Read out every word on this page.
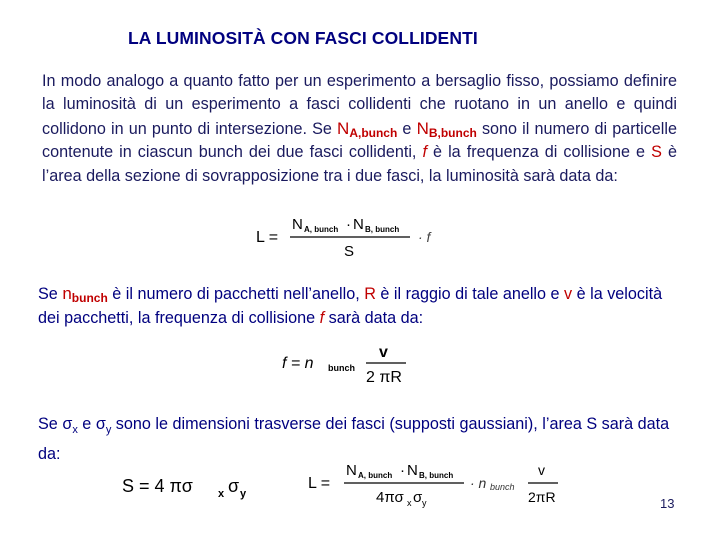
LA LUMINOSITÀ CON FASCI COLLIDENTI
In modo analogo a quanto fatto per un esperimento a bersaglio fisso, possiamo definire la luminosità di un esperimento a fasci collidenti che ruotano in un anello e quindi collidono in un punto di intersezione. Se $N_{A,bunch}$ e $N_{B,bunch}$ sono il numero di particelle contenute in ciascun bunch dei due fasci collidenti, f è la frequenza di collisione e S è l’area della sezione di sovrapposizione tra i due fasci, la luminosità sarà data da:
L =
N A, bunch · N B, bunch
S
· f
Se $n_{bunch}$ è il numero di pacchetti nell’anello, R è il raggio di tale anello e v è la velocità dei pacchetti, la frequenza di collisione f sarà data da:
f = n bunch
v
2 πR
Se $\sigma_x$ e $\sigma_y$ sono le dimensioni trasverse dei fasci (supposti gaussiani), l’area S sarà data da:
S = 4 πσ x σ y
L =
N A, bunch · N B, bunch
4πσ x σ y
· n bunch
v
2πR	13
